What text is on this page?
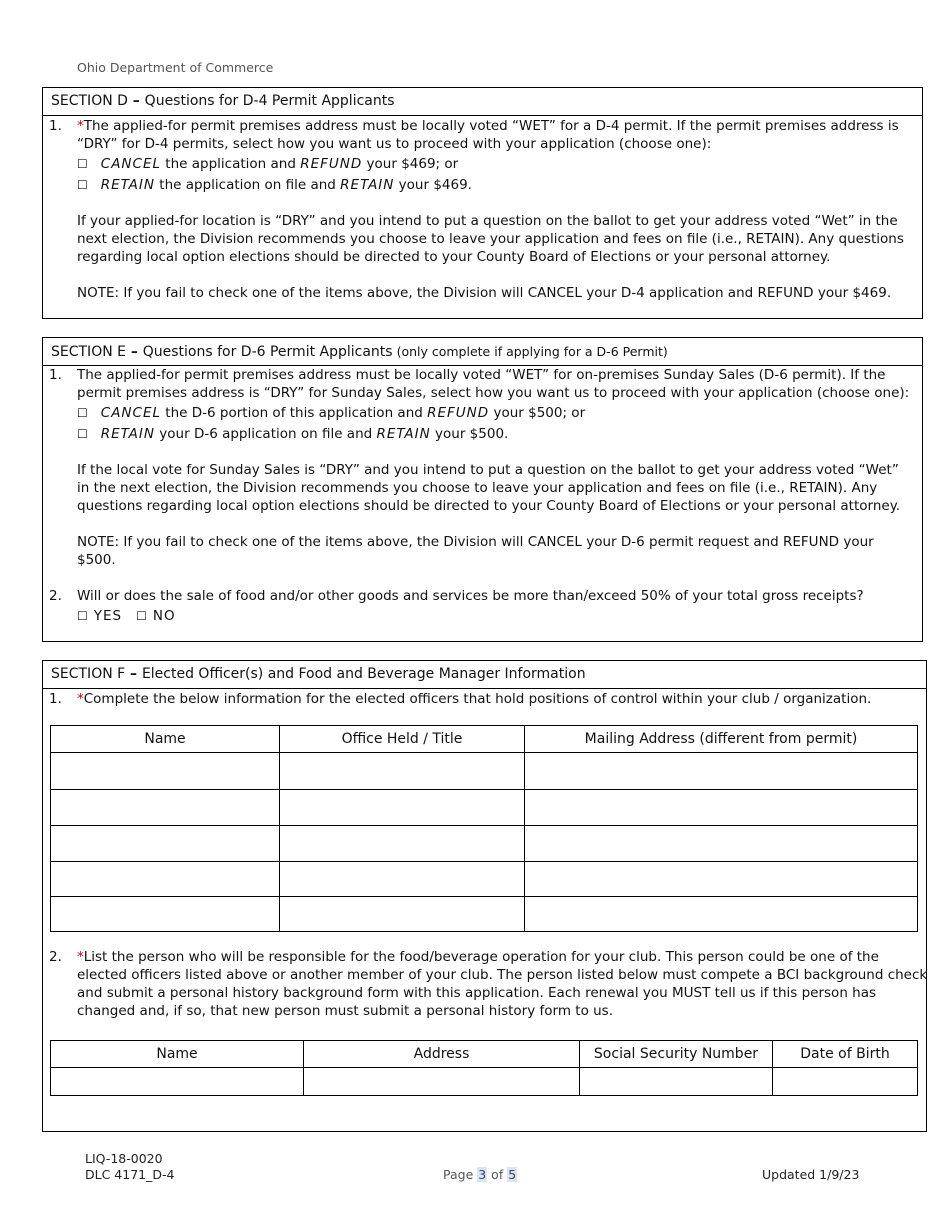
Ohio Department of Commerce
SECTION D – Questions for D-4 Permit Applicants
1. *The applied-for permit premises address must be locally voted “WET” for a D-4 permit. If the permit premises address is “DRY” for D-4 permits, select how you want us to proceed with your application (choose one):
☐ CANCEL the application and REFUND your $469; or
☐ RETAIN the application on file and RETAIN your $469.
If your applied-for location is “DRY” and you intend to put a question on the ballot to get your address voted “Wet” in the next election, the Division recommends you choose to leave your application and fees on file (i.e., RETAIN). Any questions regarding local option elections should be directed to your County Board of Elections or your personal attorney.
NOTE: If you fail to check one of the items above, the Division will CANCEL your D-4 application and REFUND your $469.
SECTION E – Questions for D-6 Permit Applicants (only complete if applying for a D-6 Permit)
1. The applied-for permit premises address must be locally voted “WET” for on-premises Sunday Sales (D-6 permit). If the permit premises address is “DRY” for Sunday Sales, select how you want us to proceed with your application (choose one):
☐ CANCEL the D-6 portion of this application and REFUND your $500; or
☐ RETAIN your D-6 application on file and RETAIN your $500.
If the local vote for Sunday Sales is “DRY” and you intend to put a question on the ballot to get your address voted “Wet” in the next election, the Division recommends you choose to leave your application and fees on file (i.e., RETAIN). Any questions regarding local option elections should be directed to your County Board of Elections or your personal attorney.
NOTE: If you fail to check one of the items above, the Division will CANCEL your D-6 permit request and REFUND your $500.
2. Will or does the sale of food and/or other goods and services be more than/exceed 50% of your total gross receipts?
☐ YES ☐ NO
SECTION F – Elected Officer(s) and Food and Beverage Manager Information
1. *Complete the below information for the elected officers that hold positions of control within your club / organization.
Name	Office Held / Title	Mailing Address (different from permit)

2. *List the person who will be responsible for the food/beverage operation for your club. This person could be one of the elected officers listed above or another member of your club. The person listed below must compete a BCI background check and submit a personal history background form with this application. Each renewal you MUST tell us if this person has changed and, if so, that new person must submit a personal history form to us.
Name	Address	Social Security Number	Date of Birth

LIQ-18-0020
DLC 4171_D-4	Page 3 of 5	Updated 1/9/23
